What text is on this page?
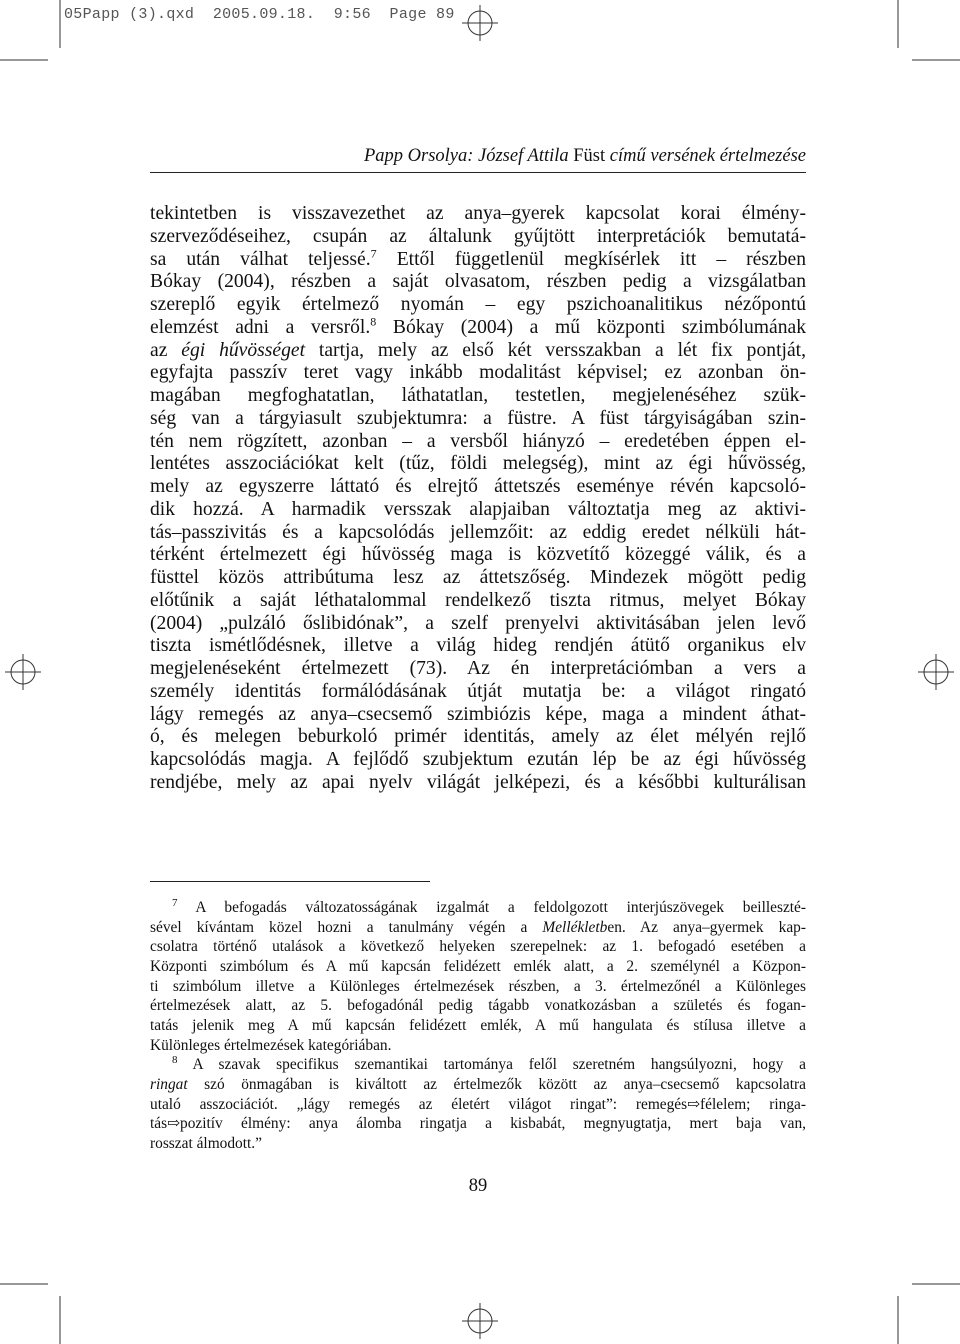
05Papp (3).qxd  2005.09.18.  9:56  Page 89
Papp Orsolya: József Attila Füst című versének értelmezése
tekintetben is visszavezethet az anya–gyerek kapcsolat korai élmény-
szerveződéseihez, csupán az általunk gyűjtött interpretációk bemutatá-
sa után válhat teljessé.$^7$ Ettől függetlenül megkísérlek itt – részben
Bókay (2004), részben a saját olvasatom, részben pedig a vizsgálatban
szereplő egyik értelmező nyomán – egy pszichoanalitikus nézőpontú
elemzést adni a versről.$^8$ Bókay (2004) a mű központi szimbólumának
az égi hűvösséget tartja, mely az első két versszakban a lét fix pontját,
egyfajta passzív teret vagy inkább modalitást képvisel; ez azonban ön-
magában megfoghatatlan, láthatatlan, testetlen, megjelenéséhez szük-
ség van a tárgyiasult szubjektumra: a füstre. A füst tárgyiságában szin-
tén nem rögzített, azonban – a versből hiányzó – eredetében éppen el-
lentétes asszociációkat kelt (tűz, földi melegség), mint az égi hűvösség,
mely az egyszerre láttató és elrejtő áttetszés eseménye révén kapcsoló-
dik hozzá. A harmadik versszak alapjaiban változtatja meg az aktivi-
tás–passzivitás és a kapcsolódás jellemzőit: az eddig eredet nélküli hát-
térként értelmezett égi hűvösség maga is közvetítő közeggé válik, és a
füsttel közös attribútuma lesz az áttetszőség. Mindezek mögött pedig
előtűnik a saját léthatalommal rendelkező tiszta ritmus, melyet Bókay
(2004) „pulzáló őslibidónak”, a szelf prenyelvi aktivitásában jelen levő
tiszta ismétlődésnek, illetve a világ hideg rendjén átütő organikus elv
megjelenéseként értelmezett (73). Az én interpretációmban a vers a
személy identitás formálódásának útját mutatja be: a világot ringató
lágy remegés az anya–csecsemő szimbiózis képe, maga a mindent áthat-
ó, és melegen beburkoló primér identitás, amely az élet mélyén rejlő
kapcsolódás magja. A fejlődő szubjektum ezután lép be az égi hűvösség
rendjébe, mely az apai nyelv világát jelképezi, és a későbbi kulturálisan
$^7$ A befogadás változatosságának izgalmát a feldolgozott interjúszövegek beilleszté-
sével kívántam közel hozni a tanulmány végén a Mellékletben. Az anya–gyermek kap-
csolatra történő utalások a következő helyeken szerepelnek: az 1. befogadó esetében a
Központi szimbólum és A mű kapcsán felidézett emlék alatt, a 2. személynél a Közpon-
ti szimbólum illetve a Különleges értelmezések részben, a 3. értelmezőnél a Különleges
értelmezések alatt, az 5. befogadónál pedig tágabb vonatkozásban a születés és fogan-
tatás jelenik meg A mű kapcsán felidézett emlék, A mű hangulata és stílusa illetve a
Különleges értelmezések kategóriában.
$^8$ A szavak specifikus szemantikai tartománya felől szeretném hangsúlyozni, hogy a
ringat szó önmagában is kiváltott az értelmezők között az anya–csecsemő kapcsolatra
utaló asszociációt. „lágy remegés az életért világot ringat”: remegés⇨félelem; ringa-
tás⇨pozitív élmény: anya álomba ringatja a kisbabát, megnyugtatja, mert baja van,
rosszat álmodott.”
89
